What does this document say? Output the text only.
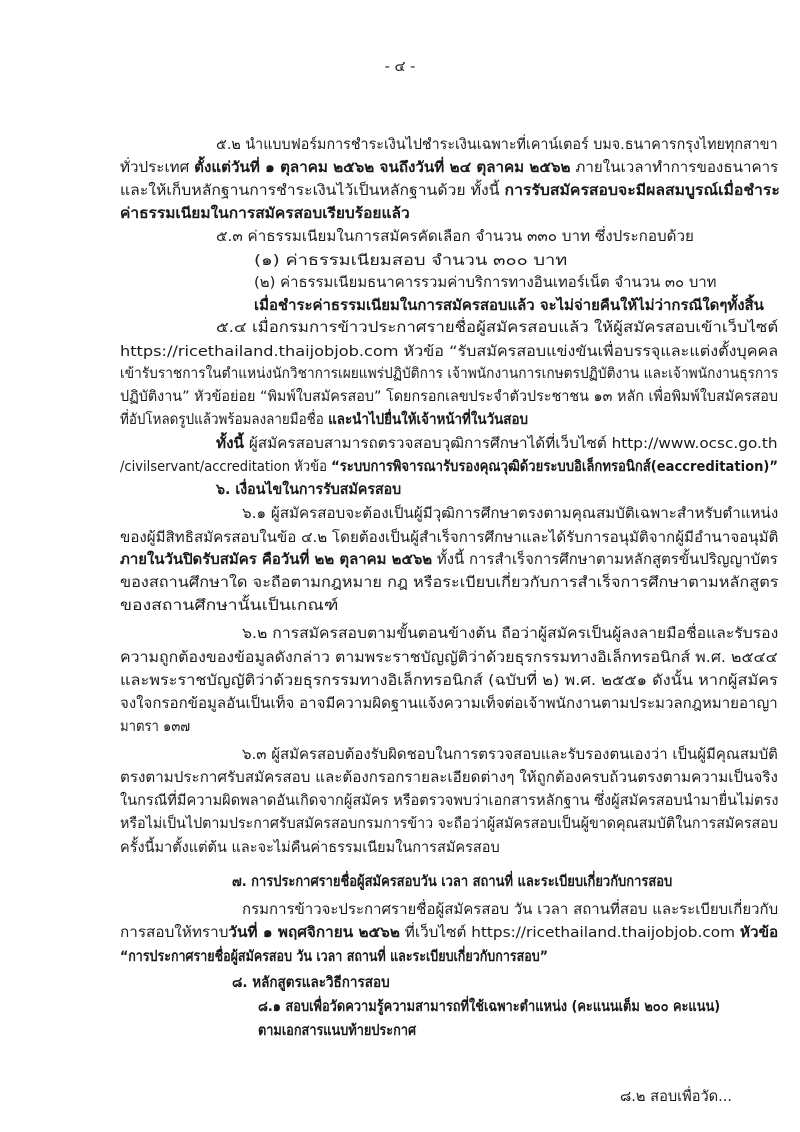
- ๔ -
๕.๒ นำแบบฟอร์มการชำระเงินไปชำระเงินเฉพาะที่เคาน์เตอร์ บมจ.ธนาคารกรุงไทยทุกสาขา
ทั่วประเทศ ตั้งแต่วันที่ ๑ ตุลาคม ๒๕๖๒ จนถึงวันที่ ๒๔ ตุลาคม ๒๕๖๒ ภายในเวลาทำการของธนาคาร
และให้เก็บหลักฐานการชำระเงินไว้เป็นหลักฐานด้วย ทั้งนี้ การรับสมัครสอบจะมีผลสมบูรณ์เมื่อชำระ
ค่าธรรมเนียมในการสมัครสอบเรียบร้อยแล้ว
๕.๓ ค่าธรรมเนียมในการสมัครคัดเลือก จำนวน ๓๓๐ บาท ซึ่งประกอบด้วย
(๑) ค่าธรรมเนียมสอบ จำนวน ๓๐๐ บาท
(๒) ค่าธรรมเนียมธนาคารรวมค่าบริการทางอินเทอร์เน็ต จำนวน ๓๐ บาท
เมื่อชำระค่าธรรมเนียมในการสมัครสอบแล้ว จะไม่จ่ายคืนให้ไม่ว่ากรณีใดๆทั้งสิ้น
๕.๔ เมื่อกรมการข้าวประกาศรายชื่อผู้สมัครสอบแล้ว ให้ผู้สมัครสอบเข้าเว็บไซต์
https://ricethailand.thaijobjob.com หัวข้อ “รับสมัครสอบแข่งขันเพื่อบรรจุและแต่งตั้งบุคคล
เข้ารับราชการในตำแหน่งนักวิชาการเผยแพร่ปฏิบัติการ เจ้าพนักงานการเกษตรปฏิบัติงาน และเจ้าพนักงานธุรการ
ปฏิบัติงาน” หัวข้อย่อย “พิมพ์ใบสมัครสอบ” โดยกรอกเลขประจำตัวประชาชน ๑๓ หลัก เพื่อพิมพ์ใบสมัครสอบ
ที่อัปโหลดรูปแล้วพร้อมลงลายมือชื่อ และนำไปยื่นให้เจ้าหน้าที่ในวันสอบ
ทั้งนี้ ผู้สมัครสอบสามารถตรวจสอบวุฒิการศึกษาได้ที่เว็บไซต์ http://www.ocsc.go.th
/civilservant/accreditation หัวข้อ “ระบบการพิจารณารับรองคุณวุฒิด้วยระบบอิเล็กทรอนิกส์(eaccreditation)”
๖. เงื่อนไขในการรับสมัครสอบ
๖.๑ ผู้สมัครสอบจะต้องเป็นผู้มีวุฒิการศึกษาตรงตามคุณสมบัติเฉพาะสำหรับตำแหน่ง
ของผู้มีสิทธิสมัครสอบในข้อ ๔.๒ โดยต้องเป็นผู้สำเร็จการศึกษาและได้รับการอนุมัติจากผู้มีอำนาจอนุมัติ
ภายในวันปิดรับสมัคร คือวันที่ ๒๒ ตุลาคม ๒๕๖๒ ทั้งนี้ การสำเร็จการศึกษาตามหลักสูตรขั้นปริญญาบัตร
ของสถานศึกษาใด จะถือตามกฎหมาย กฎ หรือระเบียบเกี่ยวกับการสำเร็จการศึกษาตามหลักสูตร
ของสถานศึกษานั้นเป็นเกณฑ์
๖.๒ การสมัครสอบตามขั้นตอนข้างต้น ถือว่าผู้สมัครเป็นผู้ลงลายมือชื่อและรับรอง
ความถูกต้องของข้อมูลดังกล่าว ตามพระราชบัญญัติว่าด้วยธุรกรรมทางอิเล็กทรอนิกส์ พ.ศ. ๒๕๔๔
และพระราชบัญญัติว่าด้วยธุรกรรมทางอิเล็กทรอนิกส์ (ฉบับที่ ๒) พ.ศ. ๒๕๕๑ ดังนั้น หากผู้สมัคร
จงใจกรอกข้อมูลอันเป็นเท็จ อาจมีความผิดฐานแจ้งความเท็จต่อเจ้าพนักงานตามประมวลกฎหมายอาญา
มาตรา ๑๓๗
๖.๓ ผู้สมัครสอบต้องรับผิดชอบในการตรวจสอบและรับรองตนเองว่า เป็นผู้มีคุณสมบัติ
ตรงตามประกาศรับสมัครสอบ และต้องกรอกรายละเอียดต่างๆ ให้ถูกต้องครบถ้วนตรงตามความเป็นจริง
ในกรณีที่มีความผิดพลาดอันเกิดจากผู้สมัคร หรือตรวจพบว่าเอกสารหลักฐาน ซึ่งผู้สมัครสอบนำมายื่นไม่ตรง
หรือไม่เป็นไปตามประกาศรับสมัครสอบกรมการข้าว จะถือว่าผู้สมัครสอบเป็นผู้ขาดคุณสมบัติในการสมัครสอบ
ครั้งนี้มาตั้งแต่ต้น และจะไม่คืนค่าธรรมเนียมในการสมัครสอบ
๗. การประกาศรายชื่อผู้สมัครสอบวัน เวลา สถานที่ และระเบียบเกี่ยวกับการสอบ
กรมการข้าวจะประกาศรายชื่อผู้สมัครสอบ วัน เวลา สถานที่สอบ และระเบียบเกี่ยวกับ
การสอบให้ทราบวันที่ ๑ พฤศจิกายน ๒๕๖๒ ที่เว็บไซต์ https://ricethailand.thaijobjob.com หัวข้อ
“การประกาศรายชื่อผู้สมัครสอบ วัน เวลา สถานที่ และระเบียบเกี่ยวกับการสอบ”
๘. หลักสูตรและวิธีการสอบ
๘.๑ สอบเพื่อวัดความรู้ความสามารถที่ใช้เฉพาะตำแหน่ง (คะแนนเต็ม ๒๐๐ คะแนน)
ตามเอกสารแนบท้ายประกาศ
๘.๒ สอบเพื่อวัด...
